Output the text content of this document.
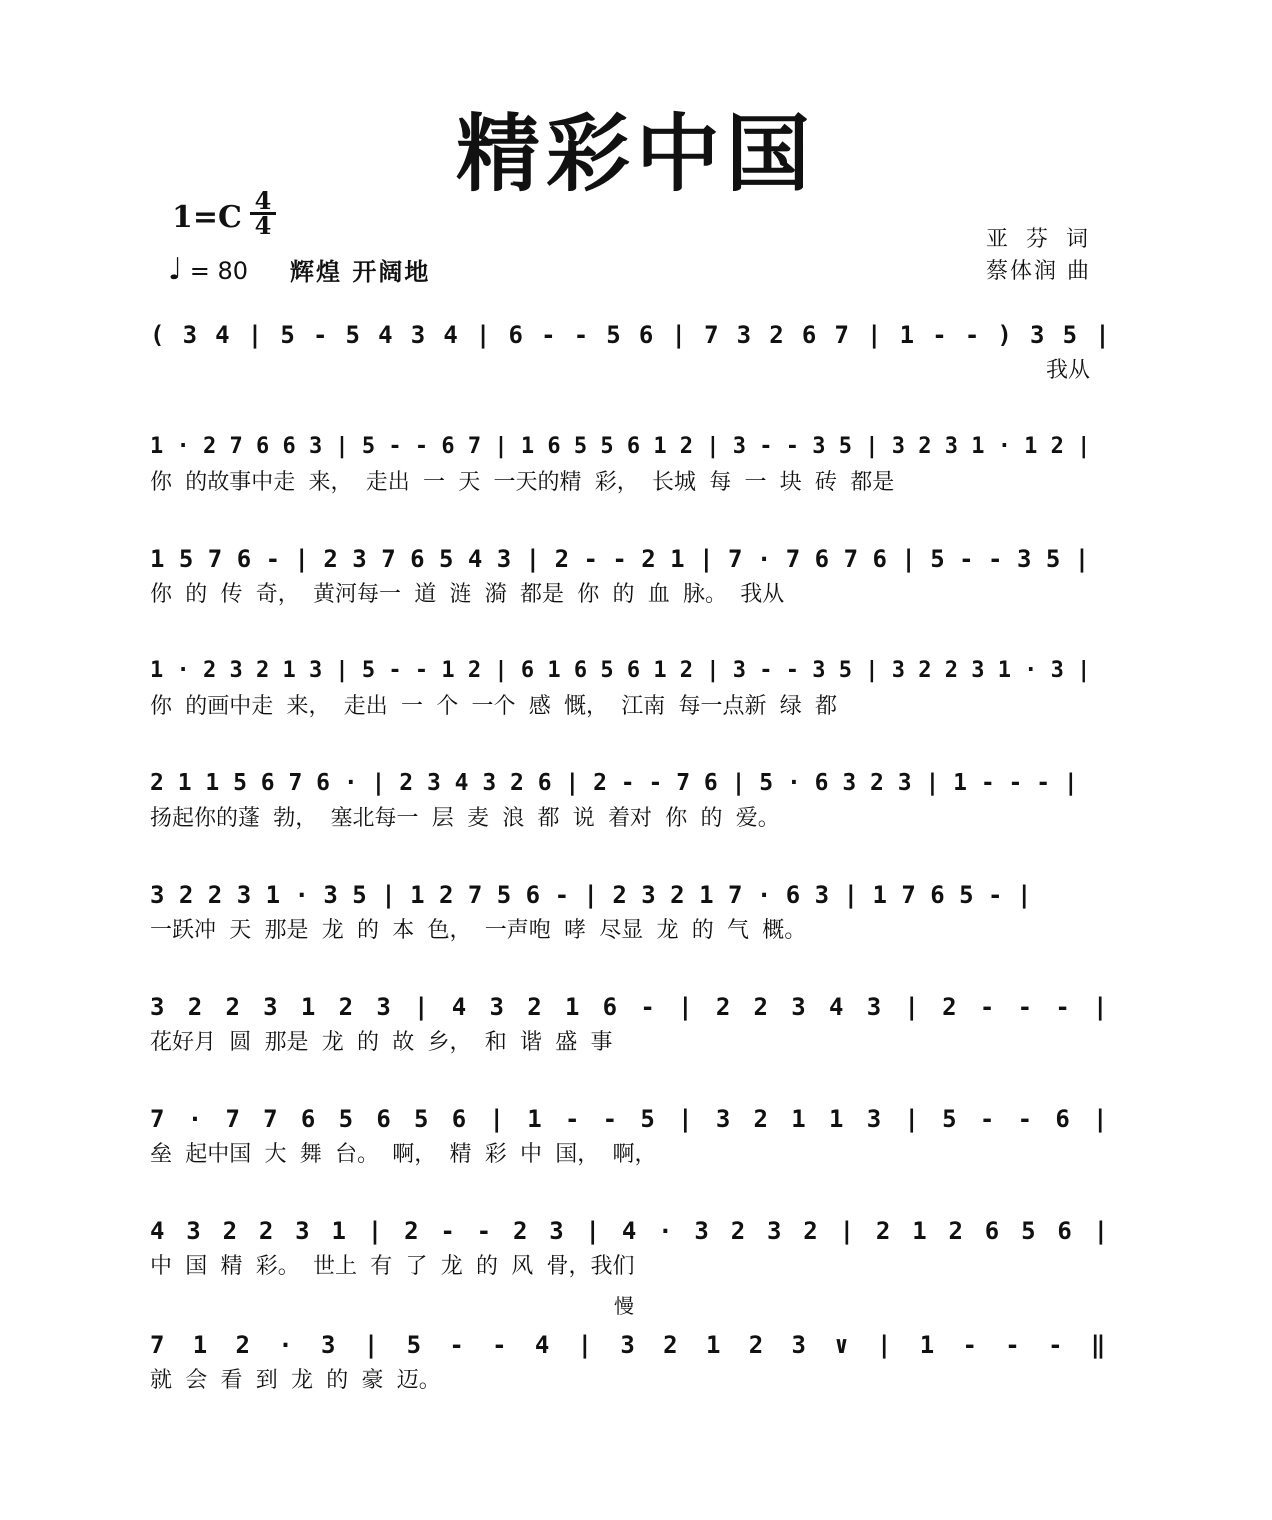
精彩中国
1=C 4
4
♩ = 80 辉煌 开阔地
亚芬词
蔡体润 曲
慢
( 3 4 | 5 - 5 4 3 4 | 6 - - 5 6 | 7 3 2 6 7 | 1 - - ) 3 5 |
我从
1 · 2 7 6 6 3 | 5 - - 6 7 | 1 6 5 5 6 1 2 | 3 - - 3 5 | 3 2 3 1 · 1 2 |
你 的故事中走 来， 走出 一 天 一天的精 彩， 长城 每 一 块 砖 都是
1 5 7 6 - | 2 3 7 6 5 4 3 | 2 - - 2 1 | 7 · 7 6 7 6 | 5 - - 3 5 |
你 的 传 奇， 黄河每一 道 涟 漪 都是 你 的 血 脉。 我从
1 · 2 3 2 1 3 | 5 - - 1 2 | 6 1 6 5 6 1 2 | 3 - - 3 5 | 3 2 2 3 1 · 3 |
你 的画中走 来， 走出 一 个 一个 感 慨， 江南 每一点新 绿 都
2 1 1 5 6 7 6 · | 2 3 4 3 2 6 | 2 - - 7 6 | 5 · 6 3 2 3 | 1 - - - |
扬起你的蓬 勃， 塞北每一 层 麦 浪 都 说 着对 你 的 爱。
3 2 2 3 1 · 3 5 | 1 2 7 5 6 - | 2 3 2 1 7 · 6 3 | 1 7 6 5 - |
一跃冲 天 那是 龙 的 本 色， 一声咆 哮 尽显 龙 的 气 概。
3 2 2 3 1 2 3 | 4 3 2 1 6 - | 2 2 3 4 3 | 2 - - - |
花好月 圆 那是 龙 的 故 乡， 和 谐 盛 事
7 · 7 7 6 5 6 5 6 | 1 - - 5 | 3 2 1 1 3 | 5 - - 6 |
垒 起中国 大 舞 台。 啊， 精 彩 中 国， 啊，
4 3 2 2 3 1 | 2 - - 2 3 | 4 · 3 2 3 2 | 2 1 2 6 5 6 |
中 国 精 彩。 世上 有 了 龙 的 风 骨，我们
7 1 2 · 3 | 5 - - 4 | 3 2 1 2 3 ∨ | 1 - - - ‖
就 会 看 到 龙 的 豪 迈。
